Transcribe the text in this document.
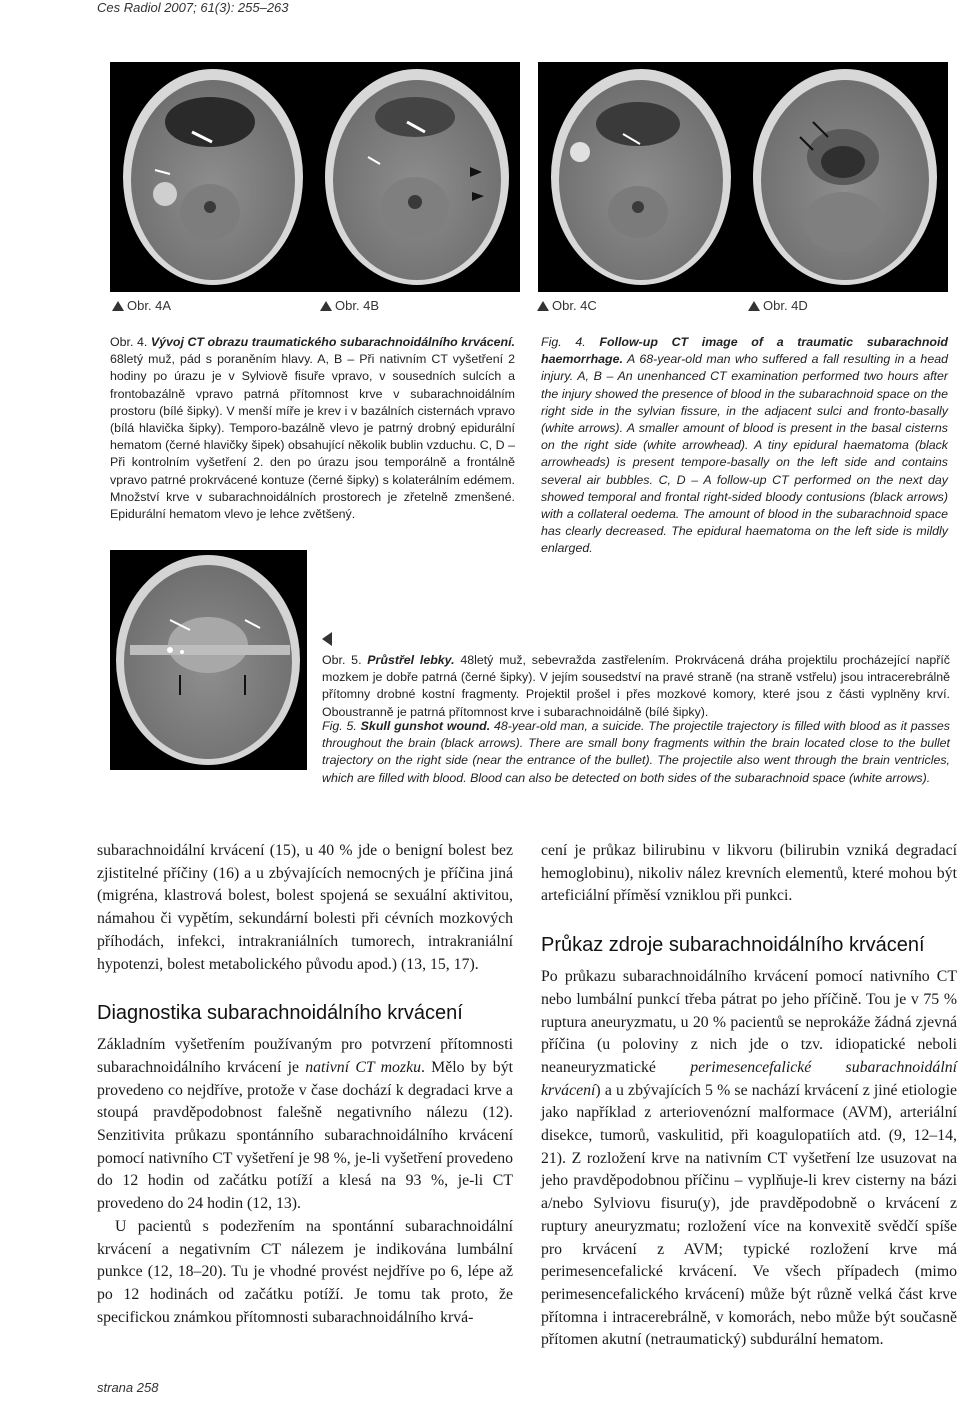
Ces Radiol 2007; 61(3): 255–263
Obr. 4A	Obr. 4B	Obr. 4C	Obr. 4D

Obr. 4. Vývoj CT obrazu traumatického subarachnoidálního krvácení. 68letý muž, pád s poraněním hlavy. A, B – Při nativním CT vyšetření 2 hodiny po úrazu je v Sylviově fisuře vpravo, v sousedních sulcích a frontobazálně vpravo patrná přítomnost krve v subarachnoidálním prostoru (bílé šipky). V menší míře je krev i v bazálních cisternách vpravo (bílá hlavička šipky). Temporo-bazálně vlevo je patrný drobný epidurální hematom (černé hlavičky šipek) obsahující několik bublin vzduchu. C, D – Při kontrolním vyšetření 2. den po úrazu jsou temporálně a frontálně vpravo patrné prokrvácené kontuze (černé šipky) s kolaterálním edémem. Množství krve v subarachnoidálních prostorech je zřetelně zmenšené. Epidurální hematom vlevo je lehce zvětšený.

Fig. 4. Follow-up CT image of a traumatic subarachnoid haemorrhage. A 68-year-old man who suffered a fall resulting in a head injury. A, B – An unenhanced CT examination performed two hours after the injury showed the presence of blood in the subarachnoid space on the right side in the sylvian fissure, in the adjacent sulci and fronto-basally (white arrows). A smaller amount of blood is present in the basal cisterns on the right side (white arrowhead). A tiny epidural haematoma (black arrowheads) is present tempore-basally on the left side and contains several air bubbles. C, D – A follow-up CT performed on the next day showed temporal and frontal right-sided bloody contusions (black arrows) with a collateral oedema. The amount of blood in the subarachnoid space has clearly decreased. The epidural haematoma on the left side is mildly enlarged.

Obr. 5. Průstřel lebky. 48letý muž, sebevražda zastřelením. Prokrvácená dráha projektilu procházející napříč mozkem je dobře patrná (černé šipky). V jejím sousedství na pravé straně (na straně vstřelu) jsou intracerebrálně přítomny drobné kostní fragmenty. Projektil prošel i přes mozkové komory, které jsou z části vyplněny krví. Oboustranně je patrná přítomnost krve i subarachnoidálně (bílé šipky).

Fig. 5. Skull gunshot wound. 48-year-old man, a suicide. The projectile trajectory is filled with blood as it passes throughout the brain (black arrows). There are small bony fragments within the brain located close to the bullet trajectory on the right side (near the entrance of the bullet). The projectile also went through the brain ventricles, which are filled with blood. Blood can also be detected on both sides of the subarachnoid space (white arrows).

subarachnoidální krvácení (15), u 40 % jde o benigní bolest bez zjistitelné příčiny (16) a u zbývajících nemocných je příčina jiná (migréna, klastrová bolest, bolest spojená se sexuální aktivitou, námahou či vypětím, sekundární bolesti při cévních mozkových příhodách, infekci, intrakraniálních tumorech, intrakraniální hypotenzi, bolest metabolického původu apod.) (13, 15, 17).

Diagnostika subarachnoidálního krvácení

Základním vyšetřením používaným pro potvrzení přítomnosti subarachnoidálního krvácení je nativní CT mozku. Mělo by být provedeno co nejdříve, protože v čase dochází k degradaci krve a stoupá pravděpodobnost falešně negativního nálezu (12). Senzitivita průkazu spontánního subarachnoidálního krvácení pomocí nativního CT vyšetření je 98 %, je-li vyšetření provedeno do 12 hodin od začátku potíží a klesá na 93 %, je-li CT provedeno do 24 hodin (12, 13).

U pacientů s podezřením na spontánní subarachnoidální krvácení a negativním CT nálezem je indikována lumbální punkce (12, 18–20). Tu je vhodné provést nejdříve po 6, lépe až po 12 hodinách od začátku potíží. Je tomu tak proto, že specifickou známkou přítomnosti subarachnoidálního krvá-

cení je průkaz bilirubinu v likvoru (bilirubin vzniká degradací hemoglobinu), nikoliv nález krevních elementů, které mohou být arteficiální příměsí vzniklou při punkci.

Průkaz zdroje subarachnoidálního krvácení

Po průkazu subarachnoidálního krvácení pomocí nativního CT nebo lumbální punkcí třeba pátrat po jeho příčině. Tou je v 75 % ruptura aneuryzmatu, u 20 % pacientů se neprokáže žádná zjevná příčina (u poloviny z nich jde o tzv. idiopatické neboli neaneuryzmatické perimesencefalické subarachnoidální krvácení) a u zbývajících 5 % se nachází krvácení z jiné etiologie jako například z arteriovenózní malformace (AVM), arteriální disekce, tumorů, vaskulitid, při koagulopatiích atd. (9, 12–14, 21). Z rozložení krve na nativním CT vyšetření lze usuzovat na jeho pravděpodobnou příčinu – vyplňuje-li krev cisterny na bázi a/nebo Sylviovu fisuru(y), jde pravděpodobně o krvácení z ruptury aneuryzmatu; rozložení více na konvexitě svědčí spíše pro krvácení z AVM; typické rozložení krve má perimesencefalické krvácení. Ve všech případech (mimo perimesencefalického krvácení) může být různě velká část krve přítomna i intracerebrálně, v komorách, nebo může být současně přítomen akutní (netraumatický) subdurální hematom.

strana 258
